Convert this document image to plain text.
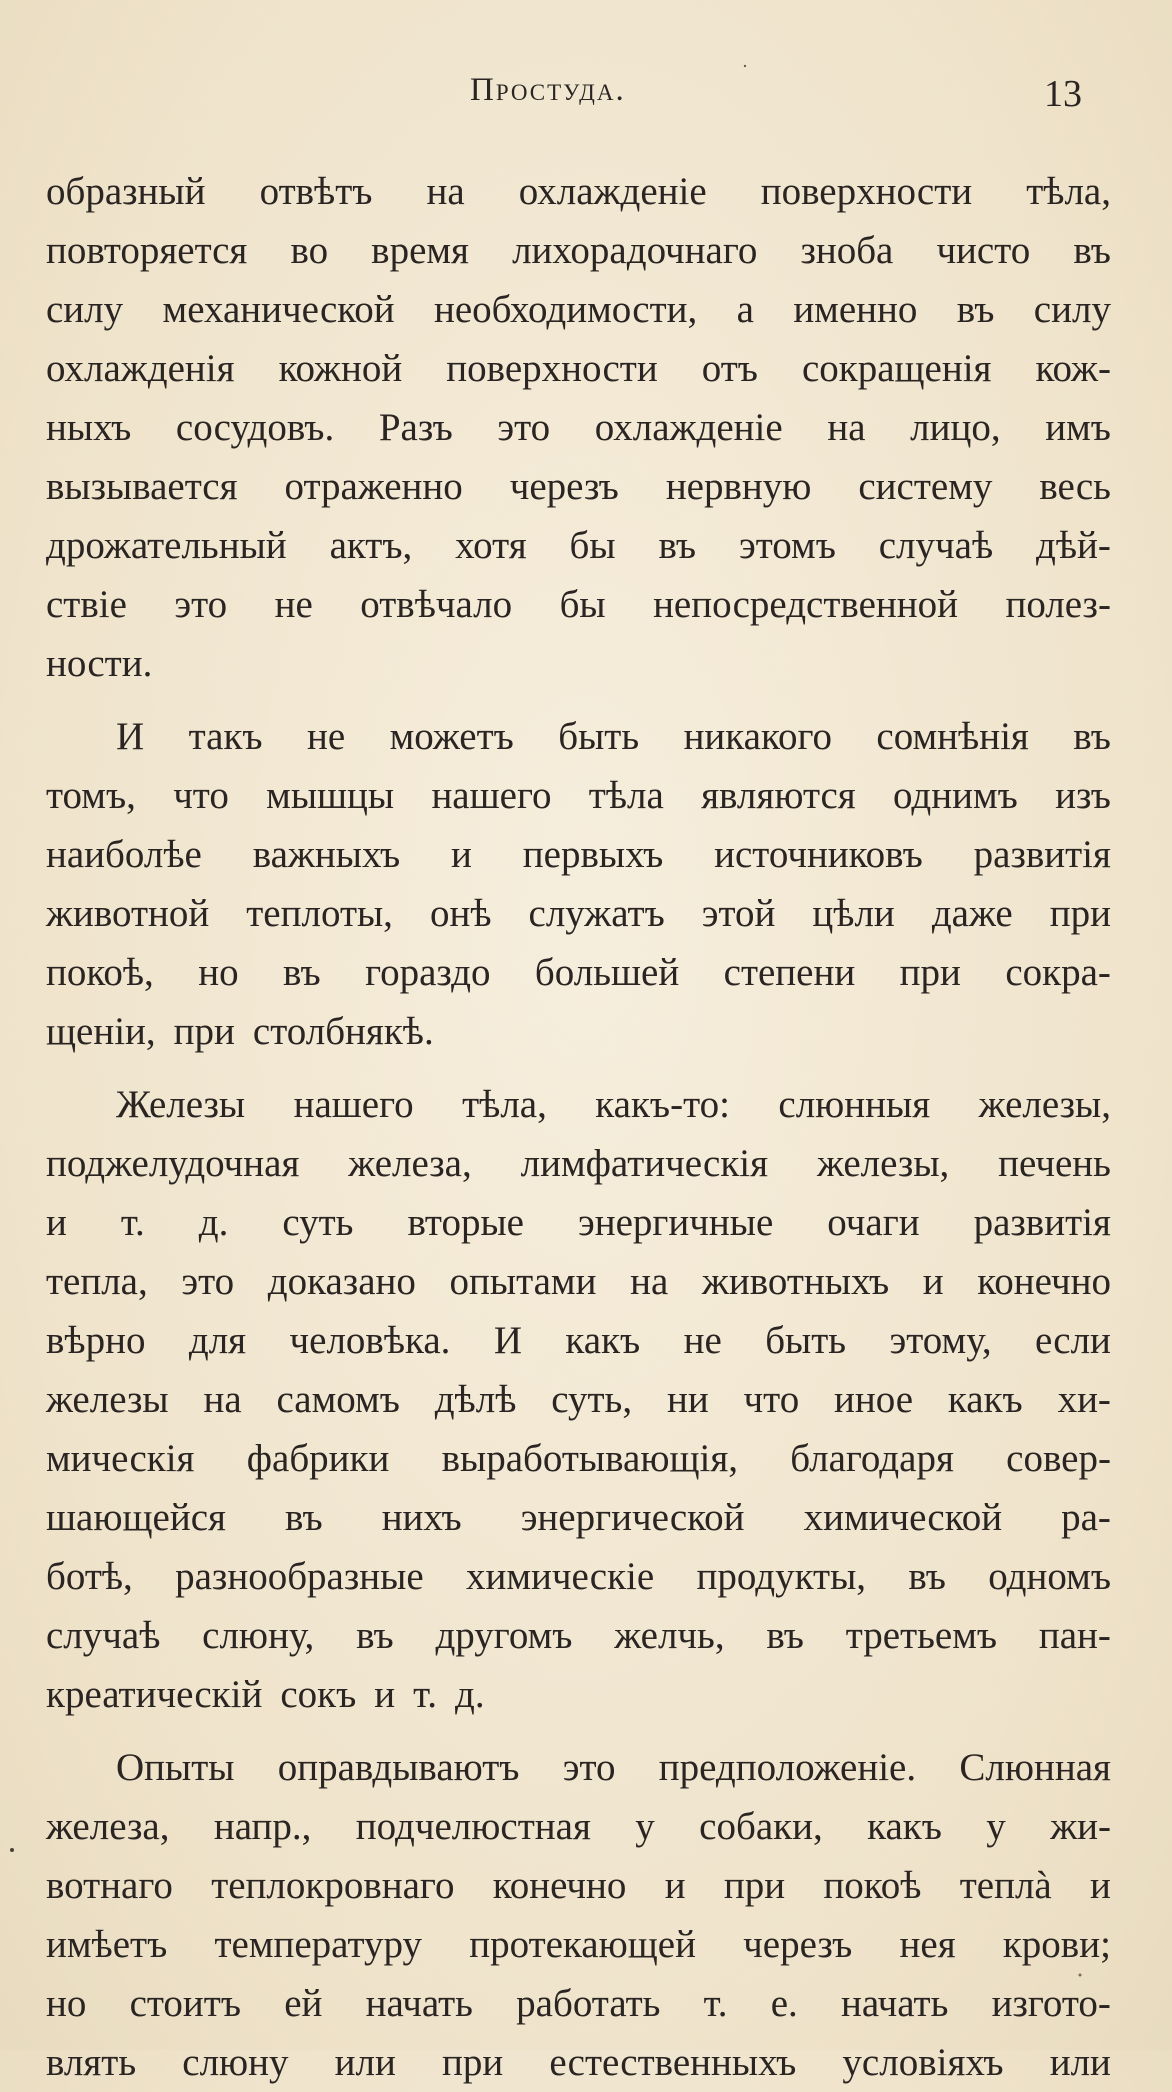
Простуда.	13
образный отвѣтъ на охлажденіе поверхности тѣла,
повторяется во время лихорадочнаго зноба чисто въ
силу механической необходимости, а именно въ силу
охлажденія кожной поверхности отъ сокращенія кож-
ныхъ сосудовъ. Разъ это охлажденіе на лицо, имъ
вызывается отраженно черезъ нервную систему весь
дрожательный актъ, хотя бы въ этомъ случаѣ дѣй-
ствіе это не отвѣчало бы непосредственной полез-
ности.
И такъ не можетъ быть никакого сомнѣнія въ
томъ, что мышцы нашего тѣла являются однимъ изъ
наиболѣе важныхъ и первыхъ источниковъ развитія
животной теплоты, онѣ служатъ этой цѣли даже при
покоѣ, но въ гораздо большей степени при сокра-
щеніи, при столбнякѣ.
Железы нашего тѣла, какъ-то: слюнныя железы,
поджелудочная железа, лимфатическія железы, печень
и т. д. суть вторые энергичные очаги развитія
тепла, это доказано опытами на животныхъ и конечно
вѣрно для человѣка. И какъ не быть этому, если
железы на самомъ дѣлѣ суть, ни что иное какъ хи-
мическія фабрики выработывающія, благодаря совер-
шающейся въ нихъ энергической химической ра-
ботѣ, разнообразные химическіе продукты, въ одномъ
случаѣ слюну, въ другомъ желчь, въ третьемъ пан-
креатическій сокъ и т. д.
Опыты оправдываютъ это предположеніе. Слюнная
железа, напр., подчелюстная у собаки, какъ у жи-
вотнаго теплокровнаго конечно и при покоѣ теплà и
имѣетъ температуру протекающей черезъ нея крови;
но стоитъ ей начать работать т. е. начать изгото-
влять слюну или при естественныхъ условіяхъ или
